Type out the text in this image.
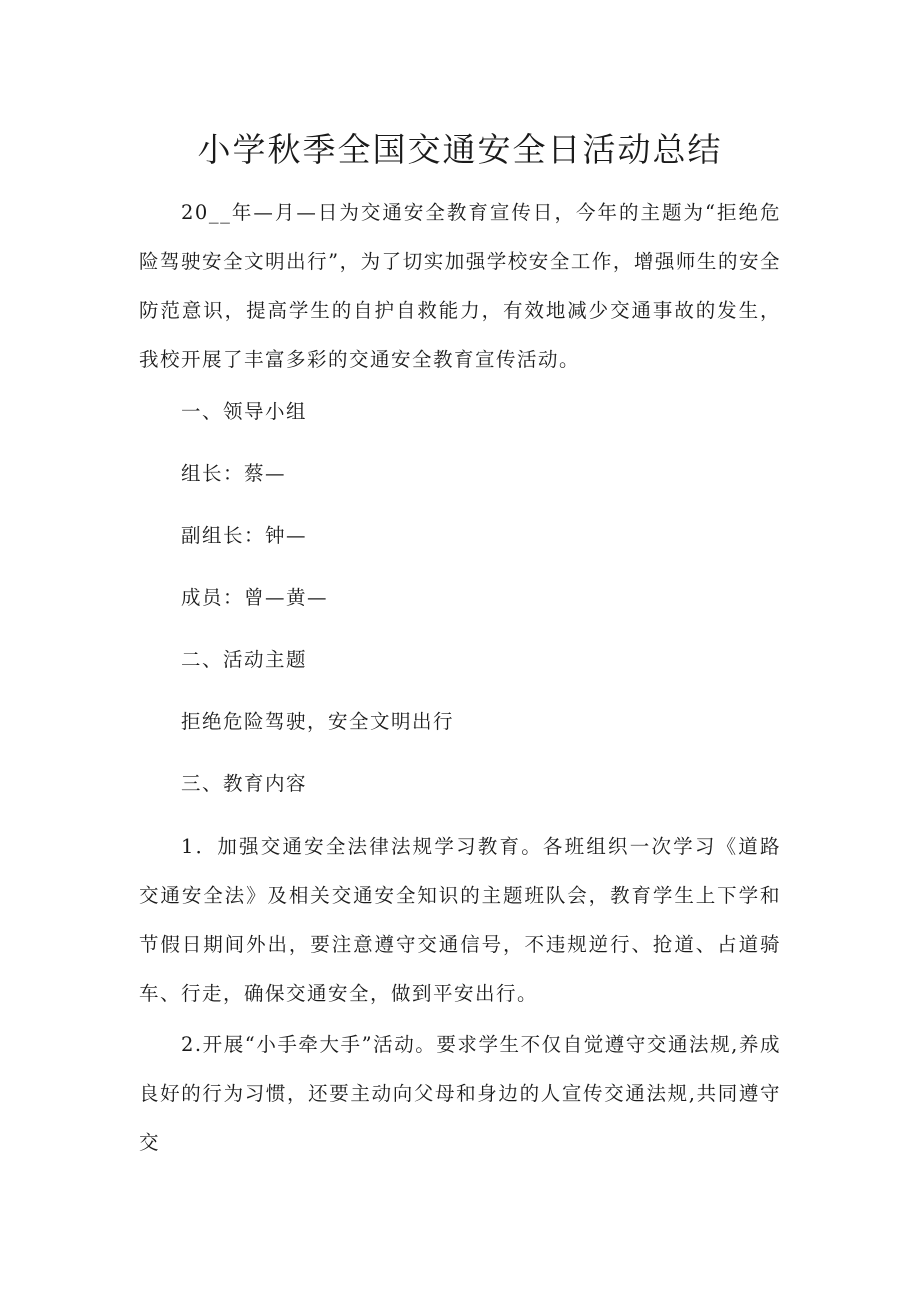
小学秋季全国交通安全日活动总结

20__年—月—日为交通安全教育宣传日，今年的主题为“拒绝危险驾驶安全文明出行”，为了切实加强学校安全工作，增强师生的安全防范意识，提高学生的自护自救能力，有效地减少交通事故的发生，我校开展了丰富多彩的交通安全教育宣传活动。

一、领导小组

组长：蔡—

副组长：钟—

成员：曾—黄—

二、活动主题

拒绝危险驾驶，安全文明出行

三、教育内容

1．加强交通安全法律法规学习教育。各班组织一次学习《道路交通安全法》及相关交通安全知识的主题班队会，教育学生上下学和节假日期间外出，要注意遵守交通信号，不违规逆行、抢道、占道骑车、行走，确保交通安全，做到平安出行。

2.开展“小手牵大手”活动。要求学生不仅自觉遵守交通法规,养成良好的行为习惯，还要主动向父母和身边的人宣传交通法规,共同遵守交
